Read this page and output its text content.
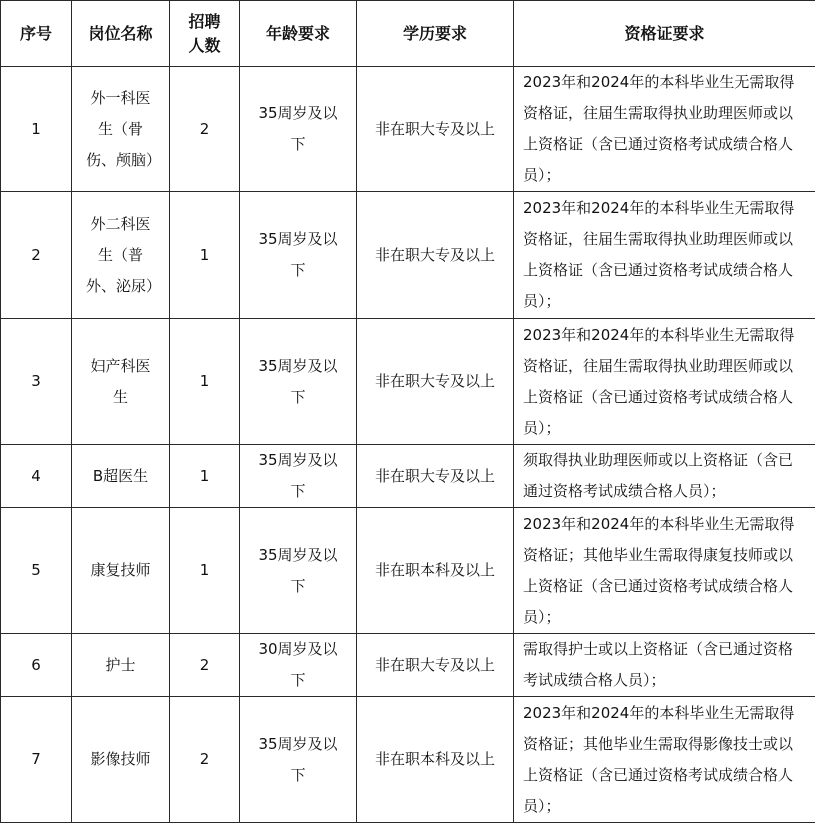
序号	岗位名称	招聘人数	年龄要求	学历要求	资格证要求
1	外一科医生（骨伤、颅脑）	2	35周岁及以下	非在职大专及以上	2023年和2024年的本科毕业生无需取得资格证，往届生需取得执业助理医师或以上资格证（含已通过资格考试成绩合格人员）；
2	外二科医生（普外、泌尿）	1	35周岁及以下	非在职大专及以上	2023年和2024年的本科毕业生无需取得资格证，往届生需取得执业助理医师或以上资格证（含已通过资格考试成绩合格人员）；
3	妇产科医生	1	35周岁及以下	非在职大专及以上	2023年和2024年的本科毕业生无需取得资格证，往届生需取得执业助理医师或以上资格证（含已通过资格考试成绩合格人员）；
4	B超医生	1	35周岁及以下	非在职大专及以上	须取得执业助理医师或以上资格证（含已通过资格考试成绩合格人员）；
5	康复技师	1	35周岁及以下	非在职本科及以上	2023年和2024年的本科毕业生无需取得资格证；其他毕业生需取得康复技师或以上资格证（含已通过资格考试成绩合格人员）；
6	护士	2	30周岁及以下	非在职大专及以上	需取得护士或以上资格证（含已通过资格考试成绩合格人员）；
7	影像技师	2	35周岁及以下	非在职本科及以上	2023年和2024年的本科毕业生无需取得资格证；其他毕业生需取得影像技士或以上资格证（含已通过资格考试成绩合格人员）；
